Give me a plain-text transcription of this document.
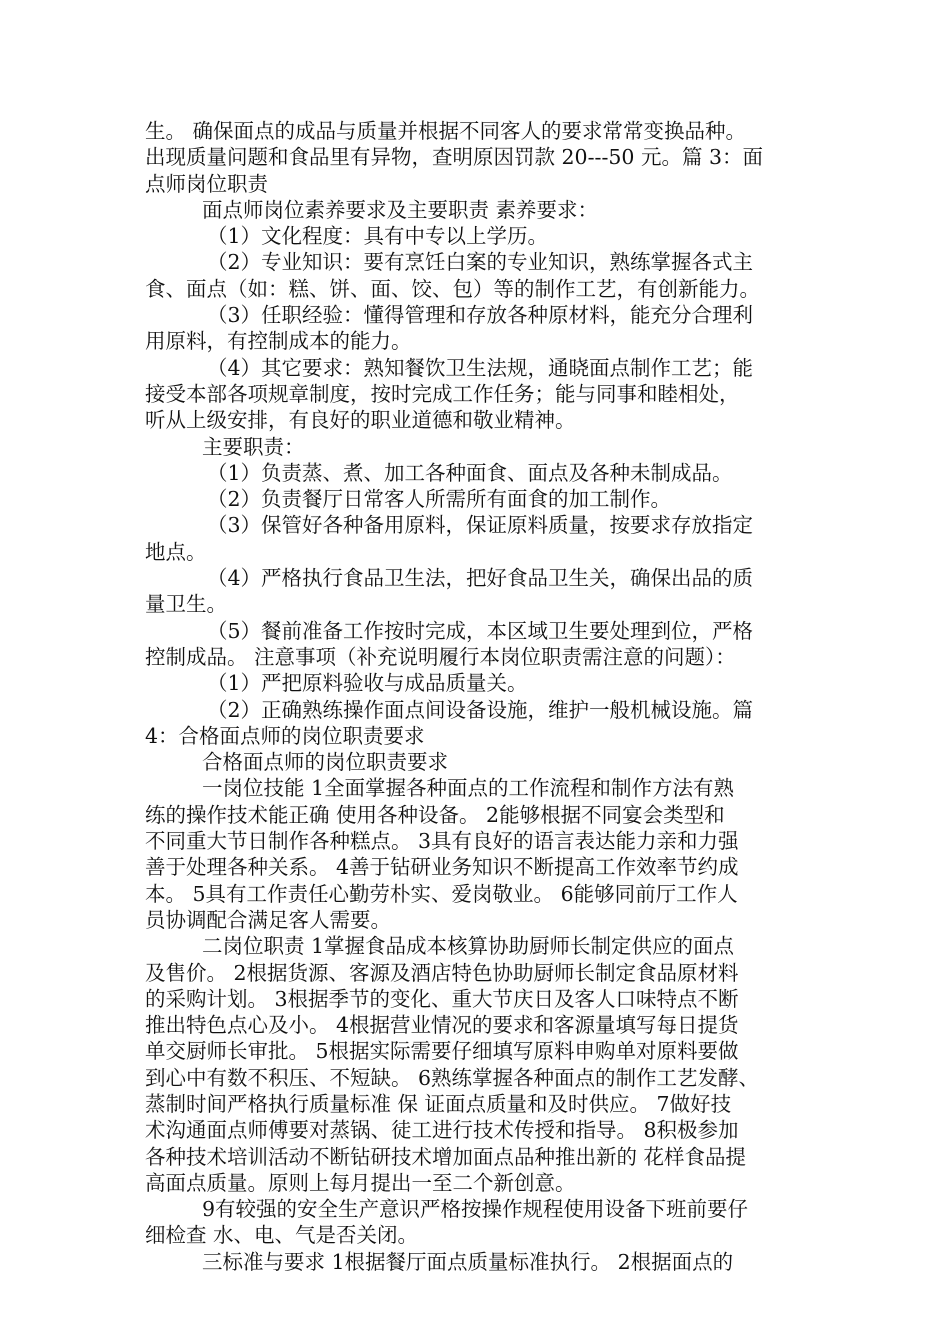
生。 确保面点的成品与质量并根据不同客人的要求常常变换品种。
出现质量问题和食品里有异物，查明原因罚款 20---50 元。篇 3：面
点师岗位职责
面点师岗位素养要求及主要职责 素养要求：
（1）文化程度：具有中专以上学历。
（2）专业知识：要有烹饪白案的专业知识，熟练掌握各式主
食、面点（如：糕、饼、面、饺、包）等的制作工艺，有创新能力。
（3）任职经验：懂得管理和存放各种原材料，能充分合理利
用原料，有控制成本的能力。
（4）其它要求：熟知餐饮卫生法规，通晓面点制作工艺；能
接受本部各项规章制度，按时完成工作任务；能与同事和睦相处，
听从上级安排，有良好的职业道德和敬业精神。
主要职责：
（1）负责蒸、煮、加工各种面食、面点及各种未制成品。
（2）负责餐厅日常客人所需所有面食的加工制作。
（3）保管好各种备用原料，保证原料质量，按要求存放指定
地点。
（4）严格执行食品卫生法，把好食品卫生关，确保出品的质
量卫生。
（5）餐前准备工作按时完成，本区域卫生要处理到位，严格
控制成品。 注意事项（补充说明履行本岗位职责需注意的问题）：
（1）严把原料验收与成品质量关。
（2）正确熟练操作面点间设备设施，维护一般机械设施。篇
4：合格面点师的岗位职责要求
合格面点师的岗位职责要求
一岗位技能 1全面掌握各种面点的工作流程和制作方法有熟
练的操作技术能正确 使用各种设备。 2能够根据不同宴会类型和
不同重大节日制作各种糕点。 3具有良好的语言表达能力亲和力强
善于处理各种关系。 4善于钻研业务知识不断提高工作效率节约成
本。 5具有工作责任心勤劳朴实、爱岗敬业。 6能够同前厅工作人
员协调配合满足客人需要。
二岗位职责 1掌握食品成本核算协助厨师长制定供应的面点
及售价。 2根据货源、客源及酒店特色协助厨师长制定食品原材料
的采购计划。 3根据季节的变化、重大节庆日及客人口味特点不断
推出特色点心及小。 4根据营业情况的要求和客源量填写每日提货
单交厨师长审批。 5根据实际需要仔细填写原料申购单对原料要做
到心中有数不积压、不短缺。 6熟练掌握各种面点的制作工艺发酵、
蒸制时间严格执行质量标准 保 证面点质量和及时供应。 7做好技
术沟通面点师傅要对蒸锅、徒工进行技术传授和指导。 8积极参加
各种技术培训活动不断钻研技术增加面点品种推出新的 花样食品提
高面点质量。原则上每月提出一至二个新创意。
9有较强的安全生产意识严格按操作规程使用设备下班前要仔
细检查 水、电、气是否关闭。
三标准与要求 1根据餐厅面点质量标准执行。 2根据面点的
